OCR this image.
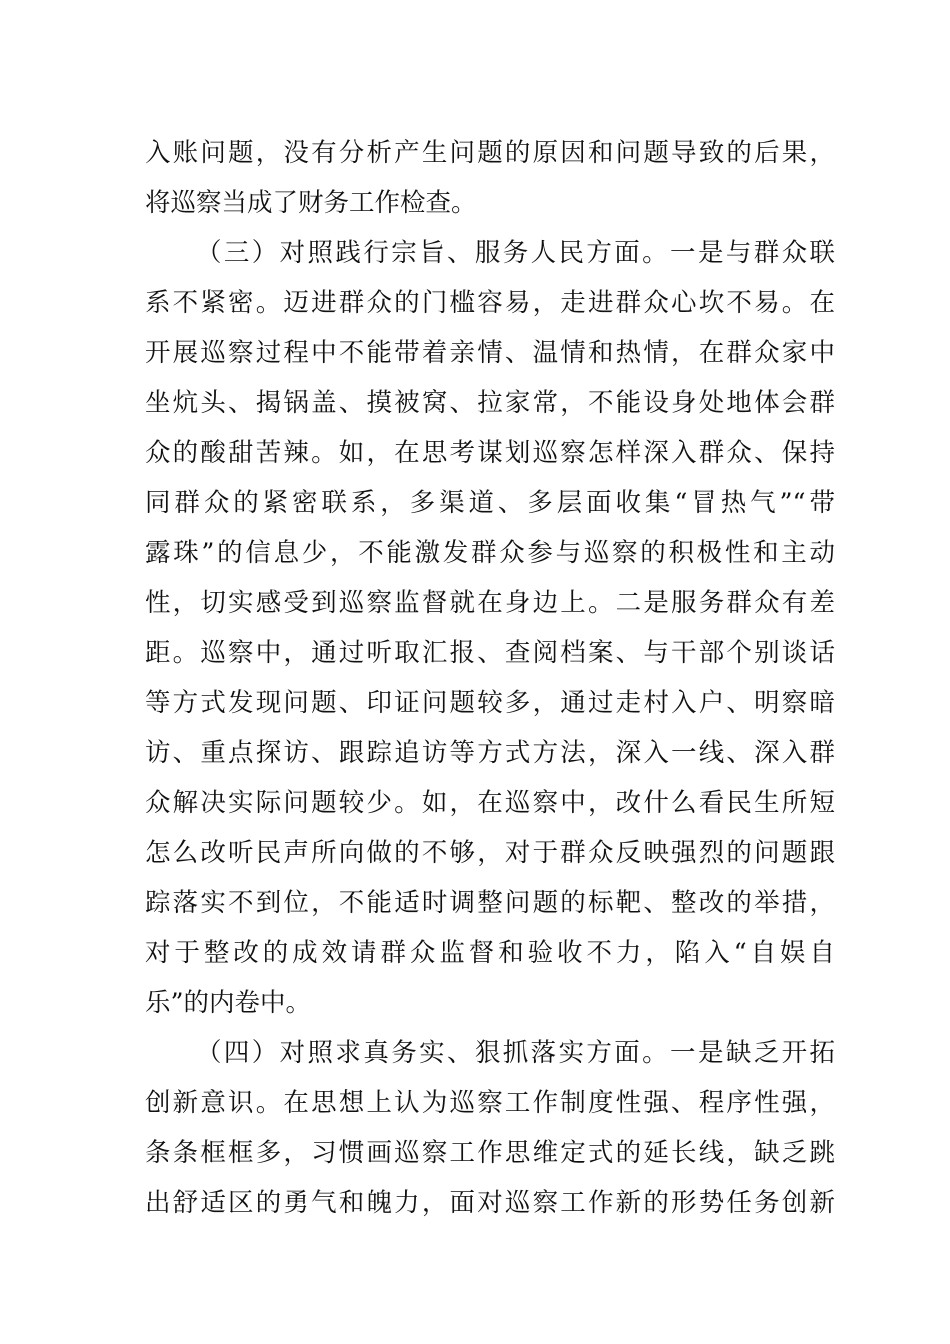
入账问题，没有分析产生问题的原因和问题导致的后果，
将巡察当成了财务工作检查。
（三）对照践行宗旨、服务人民方面。一是与群众联
系不紧密。迈进群众的门槛容易，走进群众心坎不易。在
开展巡察过程中不能带着亲情、温情和热情，在群众家中
坐炕头、揭锅盖、摸被窝、拉家常，不能设身处地体会群
众的酸甜苦辣。如，在思考谋划巡察怎样深入群众、保持
同群众的紧密联系，多渠道、多层面收集“冒热气”“带
露珠”的信息少，不能激发群众参与巡察的积极性和主动
性，切实感受到巡察监督就在身边上。二是服务群众有差
距。巡察中，通过听取汇报、查阅档案、与干部个别谈话
等方式发现问题、印证问题较多，通过走村入户、明察暗
访、重点探访、跟踪追访等方式方法，深入一线、深入群
众解决实际问题较少。如，在巡察中，改什么看民生所短
怎么改听民声所向做的不够，对于群众反映强烈的问题跟
踪落实不到位，不能适时调整问题的标靶、整改的举措，
对于整改的成效请群众监督和验收不力，陷入“自娱自
乐”的内卷中。
（四）对照求真务实、狠抓落实方面。一是缺乏开拓
创新意识。在思想上认为巡察工作制度性强、程序性强，
条条框框多，习惯画巡察工作思维定式的延长线，缺乏跳
出舒适区的勇气和魄力，面对巡察工作新的形势任务创新
